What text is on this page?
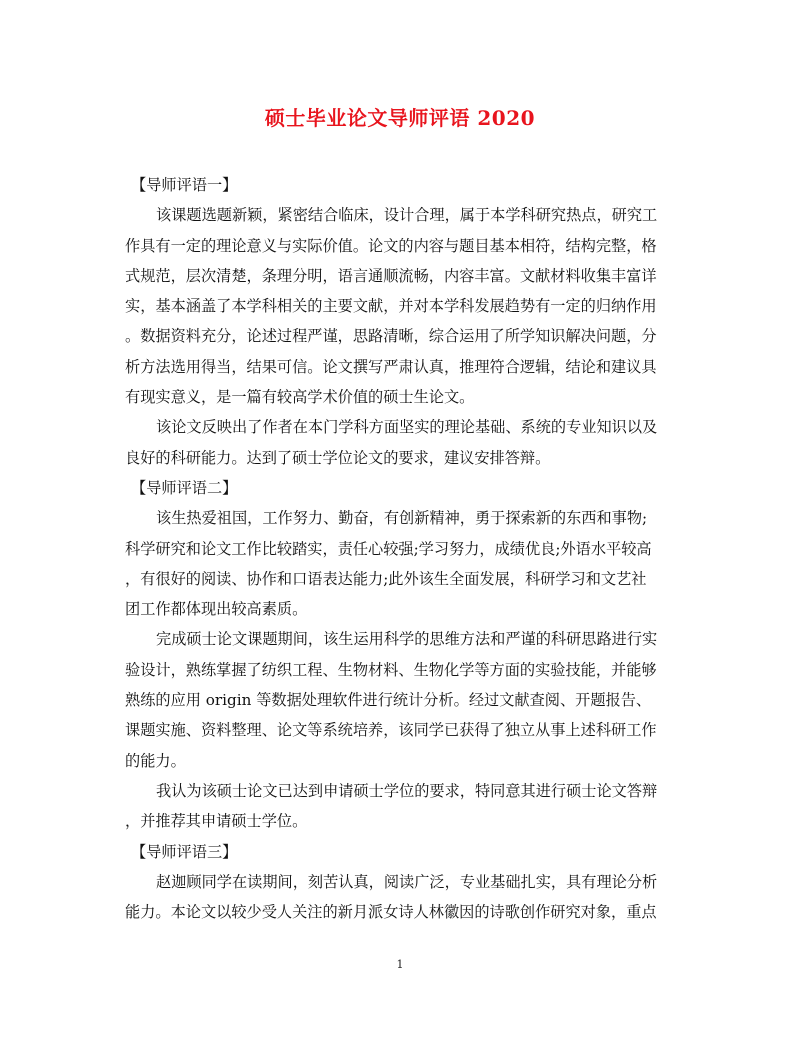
硕士毕业论文导师评语 2020
【导师评语一】
该课题选题新颖，紧密结合临床，设计合理，属于本学科研究热点，研究工
作具有一定的理论意义与实际价值。论文的内容与题目基本相符，结构完整，格
式规范，层次清楚，条理分明，语言通顺流畅，内容丰富。文献材料收集丰富详
实，基本涵盖了本学科相关的主要文献，并对本学科发展趋势有一定的归纳作用
。数据资料充分，论述过程严谨，思路清晰，综合运用了所学知识解决问题，分
析方法选用得当，结果可信。论文撰写严肃认真，推理符合逻辑，结论和建议具
有现实意义，是一篇有较高学术价值的硕士生论文。
该论文反映出了作者在本门学科方面坚实的理论基础、系统的专业知识以及
良好的科研能力。达到了硕士学位论文的要求，建议安排答辩。
【导师评语二】
该生热爱祖国，工作努力、勤奋，有创新精神，勇于探索新的东西和事物;
科学研究和论文工作比较踏实，责任心较强;学习努力，成绩优良;外语水平较高
，有很好的阅读、协作和口语表达能力;此外该生全面发展，科研学习和文艺社
团工作都体现出较高素质。
完成硕士论文课题期间，该生运用科学的思维方法和严谨的科研思路进行实
验设计，熟练掌握了纺织工程、生物材料、生物化学等方面的实验技能，并能够
熟练的应用 origin 等数据处理软件进行统计分析。经过文献查阅、开题报告、
课题实施、资料整理、论文等系统培养，该同学已获得了独立从事上述科研工作
的能力。
我认为该硕士论文已达到申请硕士学位的要求，特同意其进行硕士论文答辩
，并推荐其申请硕士学位。
【导师评语三】
赵迦顾同学在读期间，刻苦认真，阅读广泛，专业基础扎实，具有理论分析
能力。本论文以较少受人关注的新月派女诗人林徽因的诗歌创作研究对象，重点
1
